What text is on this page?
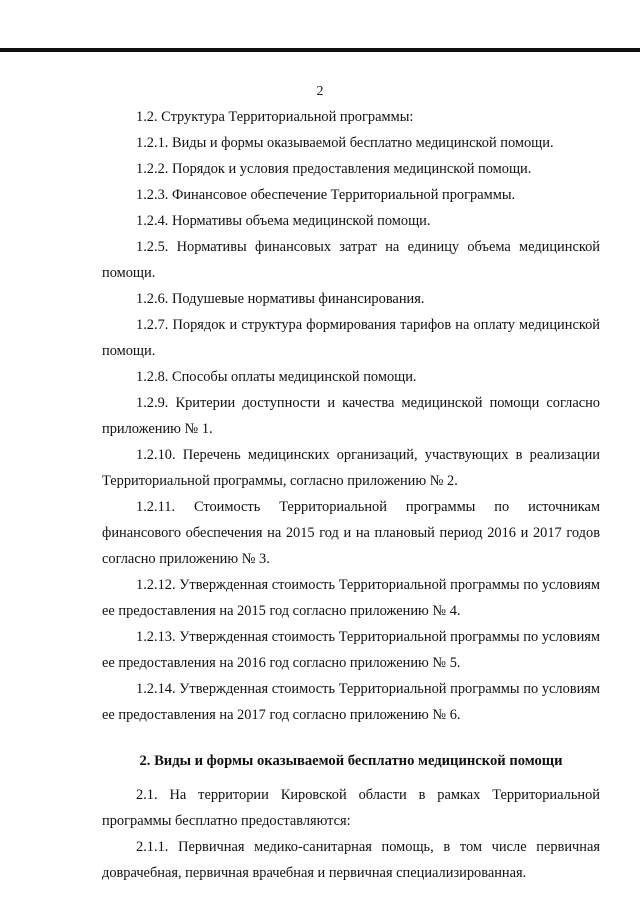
2

1.2. Структура Территориальной программы:

1.2.1. Виды и формы оказываемой бесплатно медицинской помощи.

1.2.2. Порядок и условия предоставления медицинской помощи.

1.2.3. Финансовое обеспечение Территориальной программы.

1.2.4. Нормативы объема медицинской помощи.

1.2.5. Нормативы финансовых затрат на единицу объема медицинской помощи.

1.2.6. Подушевые нормативы финансирования.

1.2.7. Порядок и структура формирования тарифов на оплату медицинской помощи.

1.2.8. Способы оплаты медицинской помощи.

1.2.9. Критерии доступности и качества медицинской помощи согласно приложению № 1.

1.2.10. Перечень медицинских организаций, участвующих в реализации Территориальной программы, согласно приложению № 2.

1.2.11. Стоимость Территориальной программы по источникам финансового обеспечения на 2015 год и на плановый период 2016 и 2017 годов согласно приложению № 3.

1.2.12. Утвержденная стоимость Территориальной программы по условиям ее предоставления на 2015 год согласно приложению № 4.

1.2.13. Утвержденная стоимость Территориальной программы по условиям ее предоставления на 2016 год согласно приложению № 5.

1.2.14. Утвержденная стоимость Территориальной программы по условиям ее предоставления на 2017 год согласно приложению № 6.

2. Виды и формы оказываемой бесплатно медицинской помощи

2.1. На территории Кировской области в рамках Территориальной программы бесплатно предоставляются:

2.1.1. Первичная медико-санитарная помощь, в том числе первичная доврачебная, первичная врачебная и первичная специализированная.
